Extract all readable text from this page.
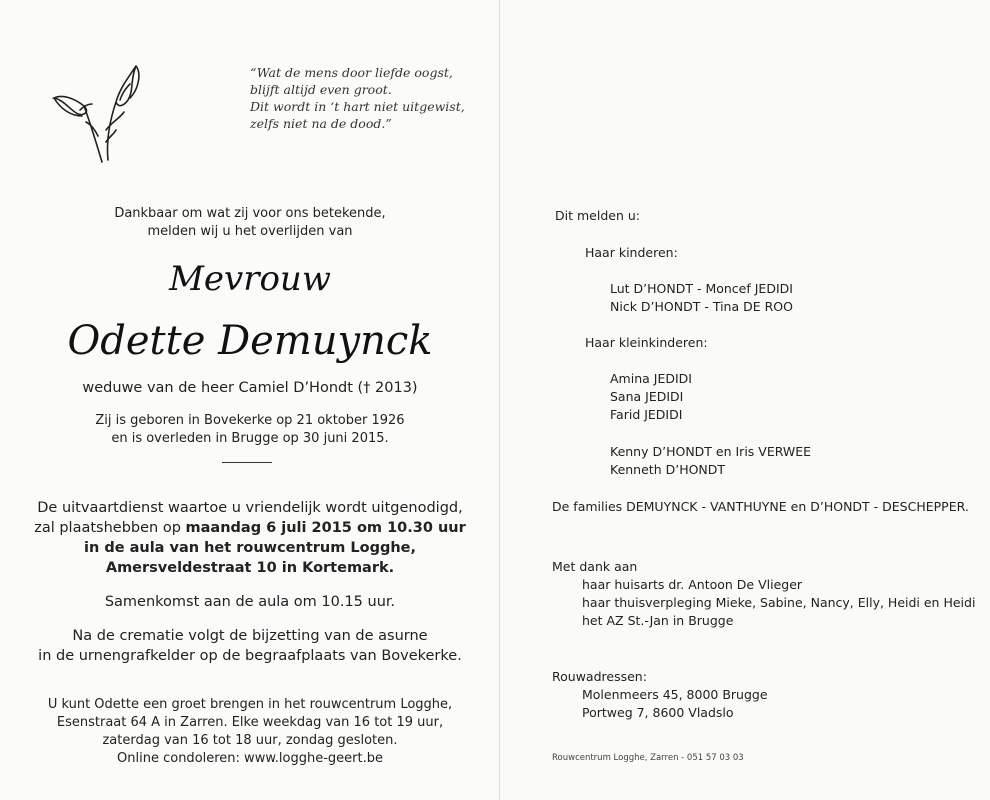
“Wat de mens door liefde oogst,
blijft altijd even groot.
Dit wordt in ‘t hart niet uitgewist,
zelfs niet na de dood.”
Dankbaar om wat zij voor ons betekende,
melden wij u het overlijden van
Mevrouw
Odette Demuynck
weduwe van de heer Camiel D’Hondt († 2013)
Zij is geboren in Bovekerke op 21 oktober 1926
en is overleden in Brugge op 30 juni 2015.
De uitvaartdienst waartoe u vriendelijk wordt uitgenodigd,
zal plaatshebben op maandag 6 juli 2015 om 10.30 uur
in de aula van het rouwcentrum Logghe,
Amersveldestraat 10 in Kortemark.
Samenkomst aan de aula om 10.15 uur.
Na de crematie volgt de bijzetting van de asurne
in de urnengrafkelder op de begraafplaats van Bovekerke.
U kunt Odette een groet brengen in het rouwcentrum Logghe,
Esenstraat 64 A in Zarren. Elke weekdag van 16 tot 19 uur,
zaterdag van 16 tot 18 uur, zondag gesloten.
Online condoleren: www.logghe-geert.be
Dit melden u:
Haar kinderen:
Lut D’HONDT - Moncef JEDIDI
Nick D’HONDT - Tina DE ROO
Haar kleinkinderen:
Amina JEDIDI
Sana JEDIDI
Farid JEDIDI
Kenny D’HONDT en Iris VERWEE
Kenneth D’HONDT
De families DEMUYNCK - VANTHUYNE en D’HONDT - DESCHEPPER.
Met dank aan
haar huisarts dr. Antoon De Vlieger
haar thuisverpleging Mieke, Sabine, Nancy, Elly, Heidi en Heidi
het AZ St.-Jan in Brugge
Rouwadressen:
Molenmeers 45, 8000 Brugge
Portweg 7, 8600 Vladslo
Rouwcentrum Logghe, Zarren - 051 57 03 03
